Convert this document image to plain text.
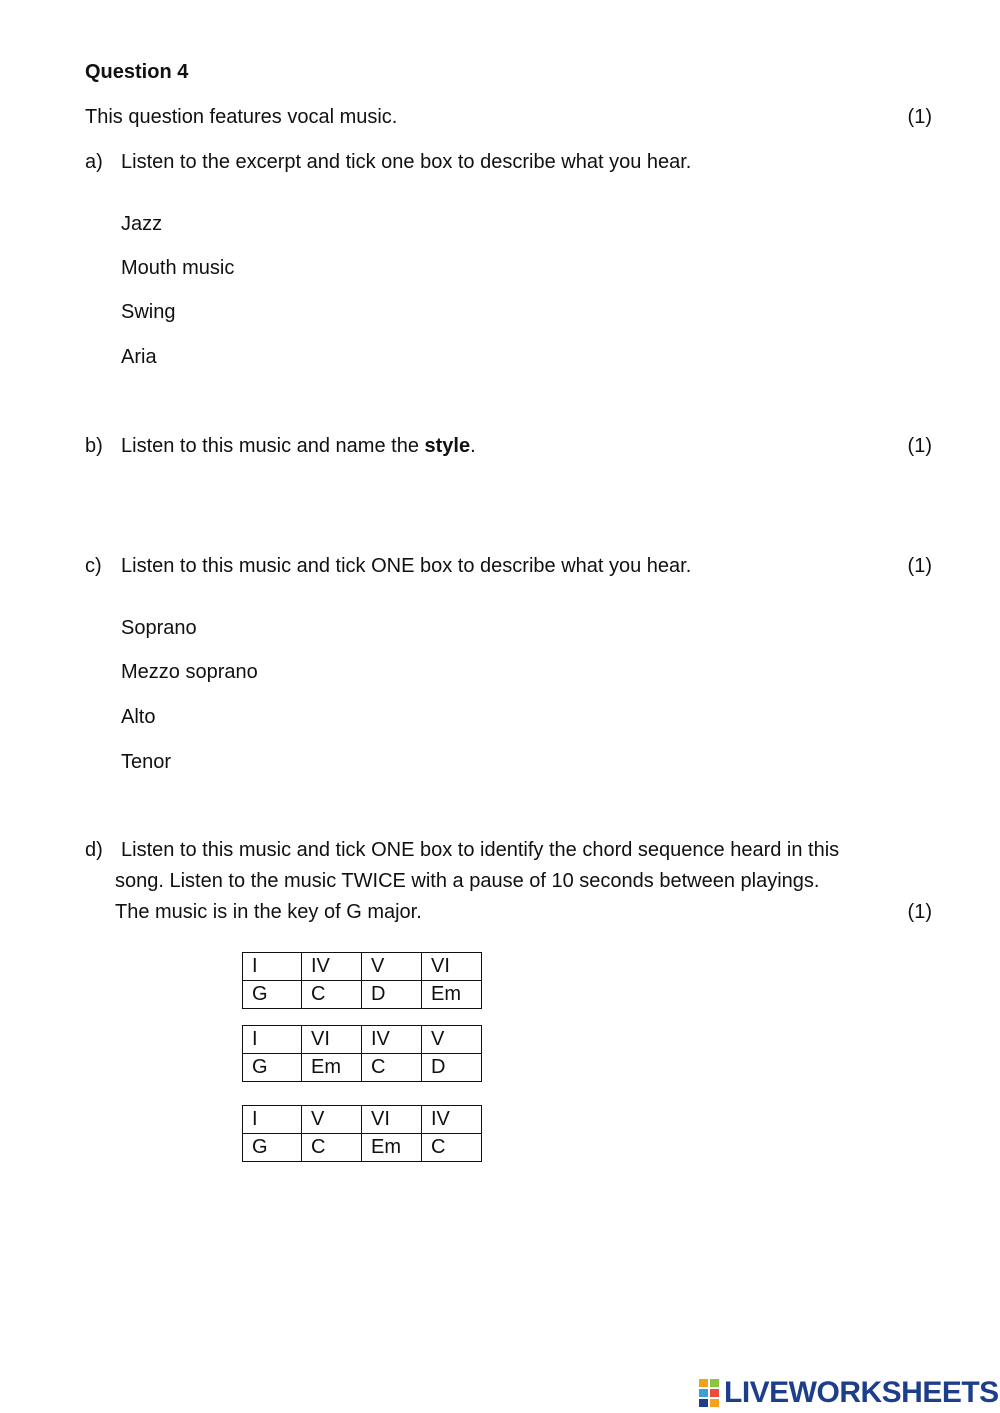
Question 4
This question features vocal music.	(1)
a) Listen to the excerpt and tick one box to describe what you hear.
Jazz
Mouth music
Swing
Aria
b) Listen to this music and name the style.	(1)
c) Listen to this music and tick ONE box to describe what you hear.	(1)
Soprano
Mezzo soprano
Alto
Tenor
d) Listen to this music and tick ONE box to identify the chord sequence heard in this
song. Listen to the music TWICE with a pause of 10 seconds between playings.
The music is in the key of G major.	(1)
I	IV	V	VI
G	C	D	Em
I	VI	IV	V
G	Em	C	D
I	V	VI	IV
G	C	Em	C
LIVEWORKSHEETS
